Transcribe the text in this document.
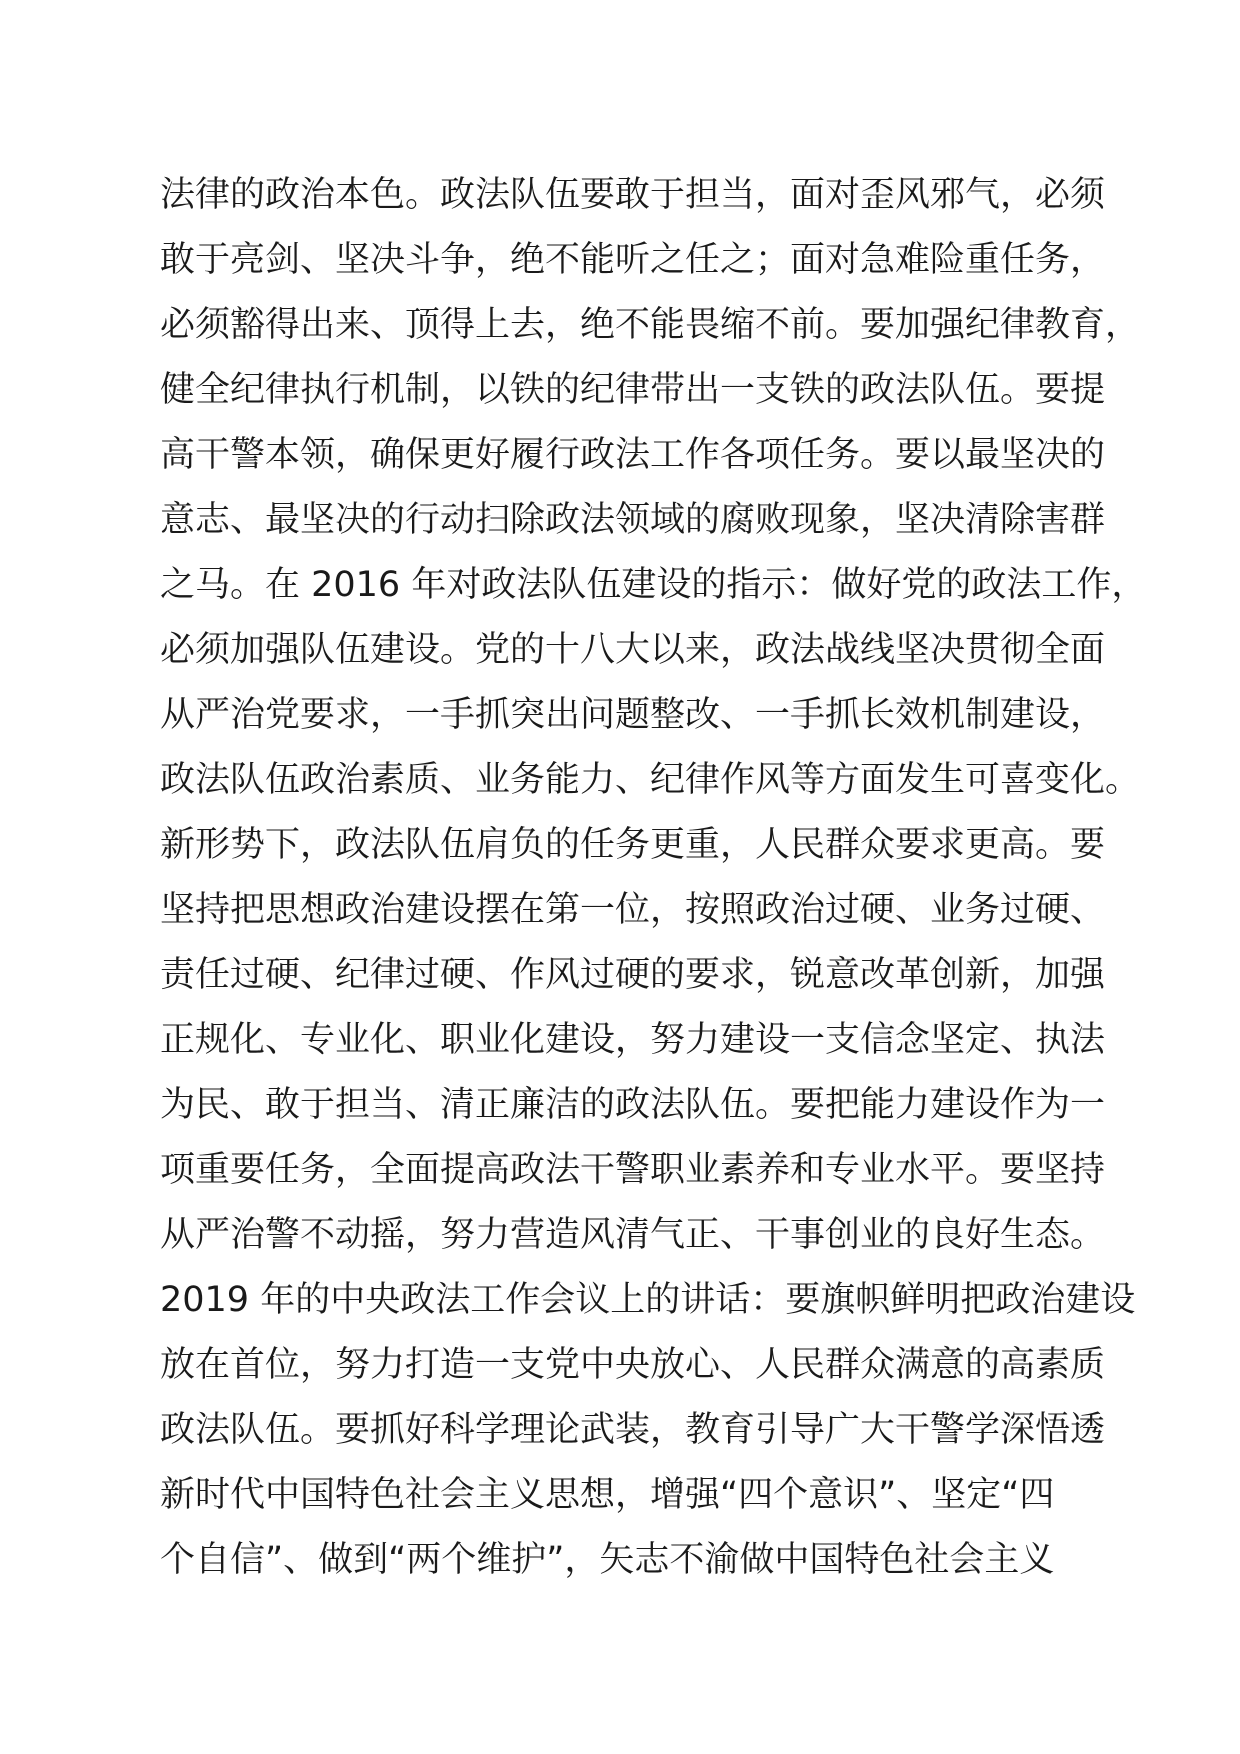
法律的政治本色。政法队伍要敢于担当，面对歪风邪气，必须
敢于亮剑、坚决斗争，绝不能听之任之；面对急难险重任务，
必须豁得出来、顶得上去，绝不能畏缩不前。要加强纪律教育，
健全纪律执行机制，以铁的纪律带出一支铁的政法队伍。要提
高干警本领，确保更好履行政法工作各项任务。要以最坚决的
意志、最坚决的行动扫除政法领域的腐败现象，坚决清除害群
之马。在 2016 年对政法队伍建设的指示：做好党的政法工作，
必须加强队伍建设。党的十八大以来，政法战线坚决贯彻全面
从严治党要求，一手抓突出问题整改、一手抓长效机制建设，
政法队伍政治素质、业务能力、纪律作风等方面发生可喜变化。
新形势下，政法队伍肩负的任务更重，人民群众要求更高。要
坚持把思想政治建设摆在第一位，按照政治过硬、业务过硬、
责任过硬、纪律过硬、作风过硬的要求，锐意改革创新，加强
正规化、专业化、职业化建设，努力建设一支信念坚定、执法
为民、敢于担当、清正廉洁的政法队伍。要把能力建设作为一
项重要任务，全面提高政法干警职业素养和专业水平。要坚持
从严治警不动摇，努力营造风清气正、干事创业的良好生态。
2019 年的中央政法工作会议上的讲话：要旗帜鲜明把政治建设
放在首位，努力打造一支党中央放心、人民群众满意的高素质
政法队伍。要抓好科学理论武装，教育引导广大干警学深悟透
新时代中国特色社会主义思想，增强“四个意识”、坚定“四
个自信”、做到“两个维护”，矢志不渝做中国特色社会主义
